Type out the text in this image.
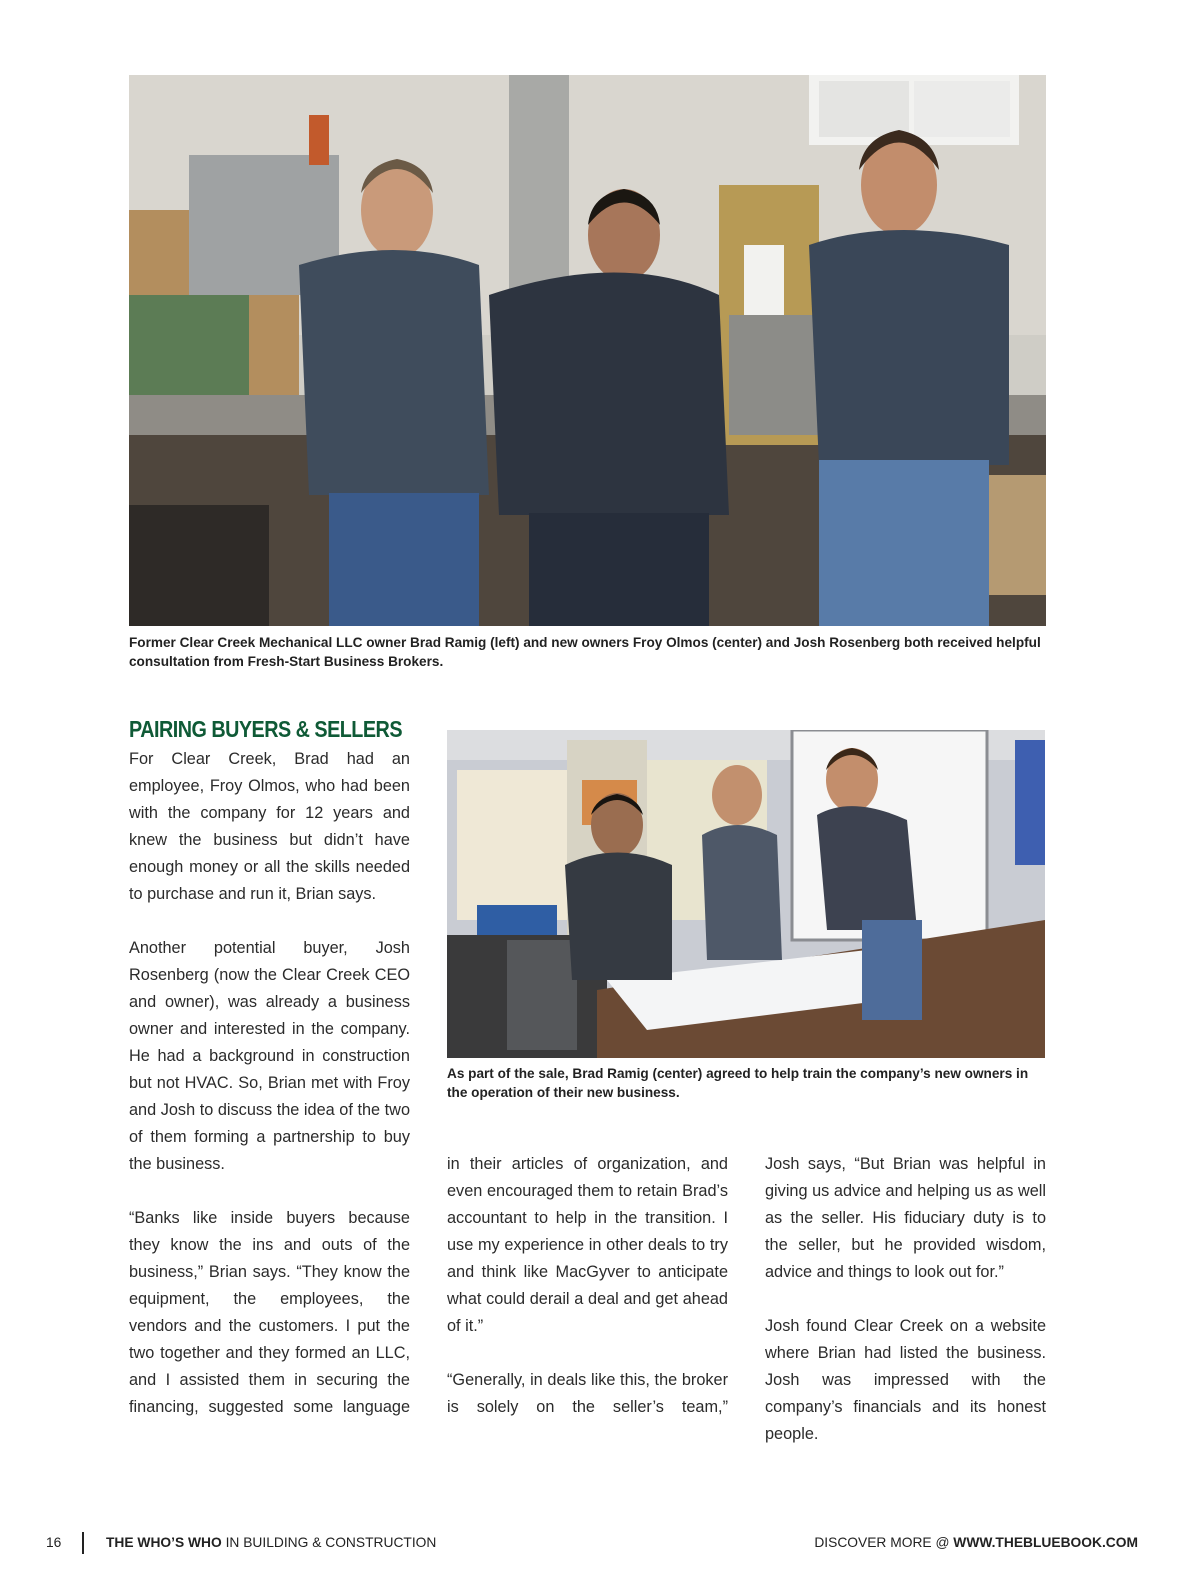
Former Clear Creek Mechanical LLC owner Brad Ramig (left) and new owners Froy Olmos (center) and Josh Rosenberg both received helpful consultation from Fresh-Start Business Brokers.

PAIRING BUYERS & SELLERS

As part of the sale, Brad Ramig (center) agreed to help train the company’s new owners in the operation of their new business.

For Clear Creek, Brad had an employee, Froy Olmos, who had been with the company for 12 years and knew the business but didn’t have enough money or all the skills needed to purchase and run it, Brian says.

Another potential buyer, Josh Rosenberg (now the Clear Creek CEO and owner), was already a business owner and interested in the company. He had a background in construction but not HVAC. So, Brian met with Froy and Josh to discuss the idea of the two of them forming a partnership to buy the business.

“Banks like inside buyers because they know the ins and outs of the business,” Brian says. “They know the equipment, the employees, the vendors and the customers. I put the two together and they formed an LLC, and I assisted them in securing the financing, suggested some language

in their articles of organization, and even encouraged them to retain Brad’s accountant to help in the transition. I use my experience in other deals to try and think like MacGyver to anticipate what could derail a deal and get ahead of it.”

“Generally, in deals like this, the broker is solely on the seller’s team,”

Josh says, “But Brian was helpful in giving us advice and helping us as well as the seller. His fiduciary duty is to the seller, but he provided wisdom, advice and things to look out for.”

Josh found Clear Creek on a website where Brian had listed the business. Josh was impressed with the company’s financials and its honest people.

16	THE WHO’S WHO IN BUILDING & CONSTRUCTION	DISCOVER MORE @ WWW.THEBLUEBOOK.COM
